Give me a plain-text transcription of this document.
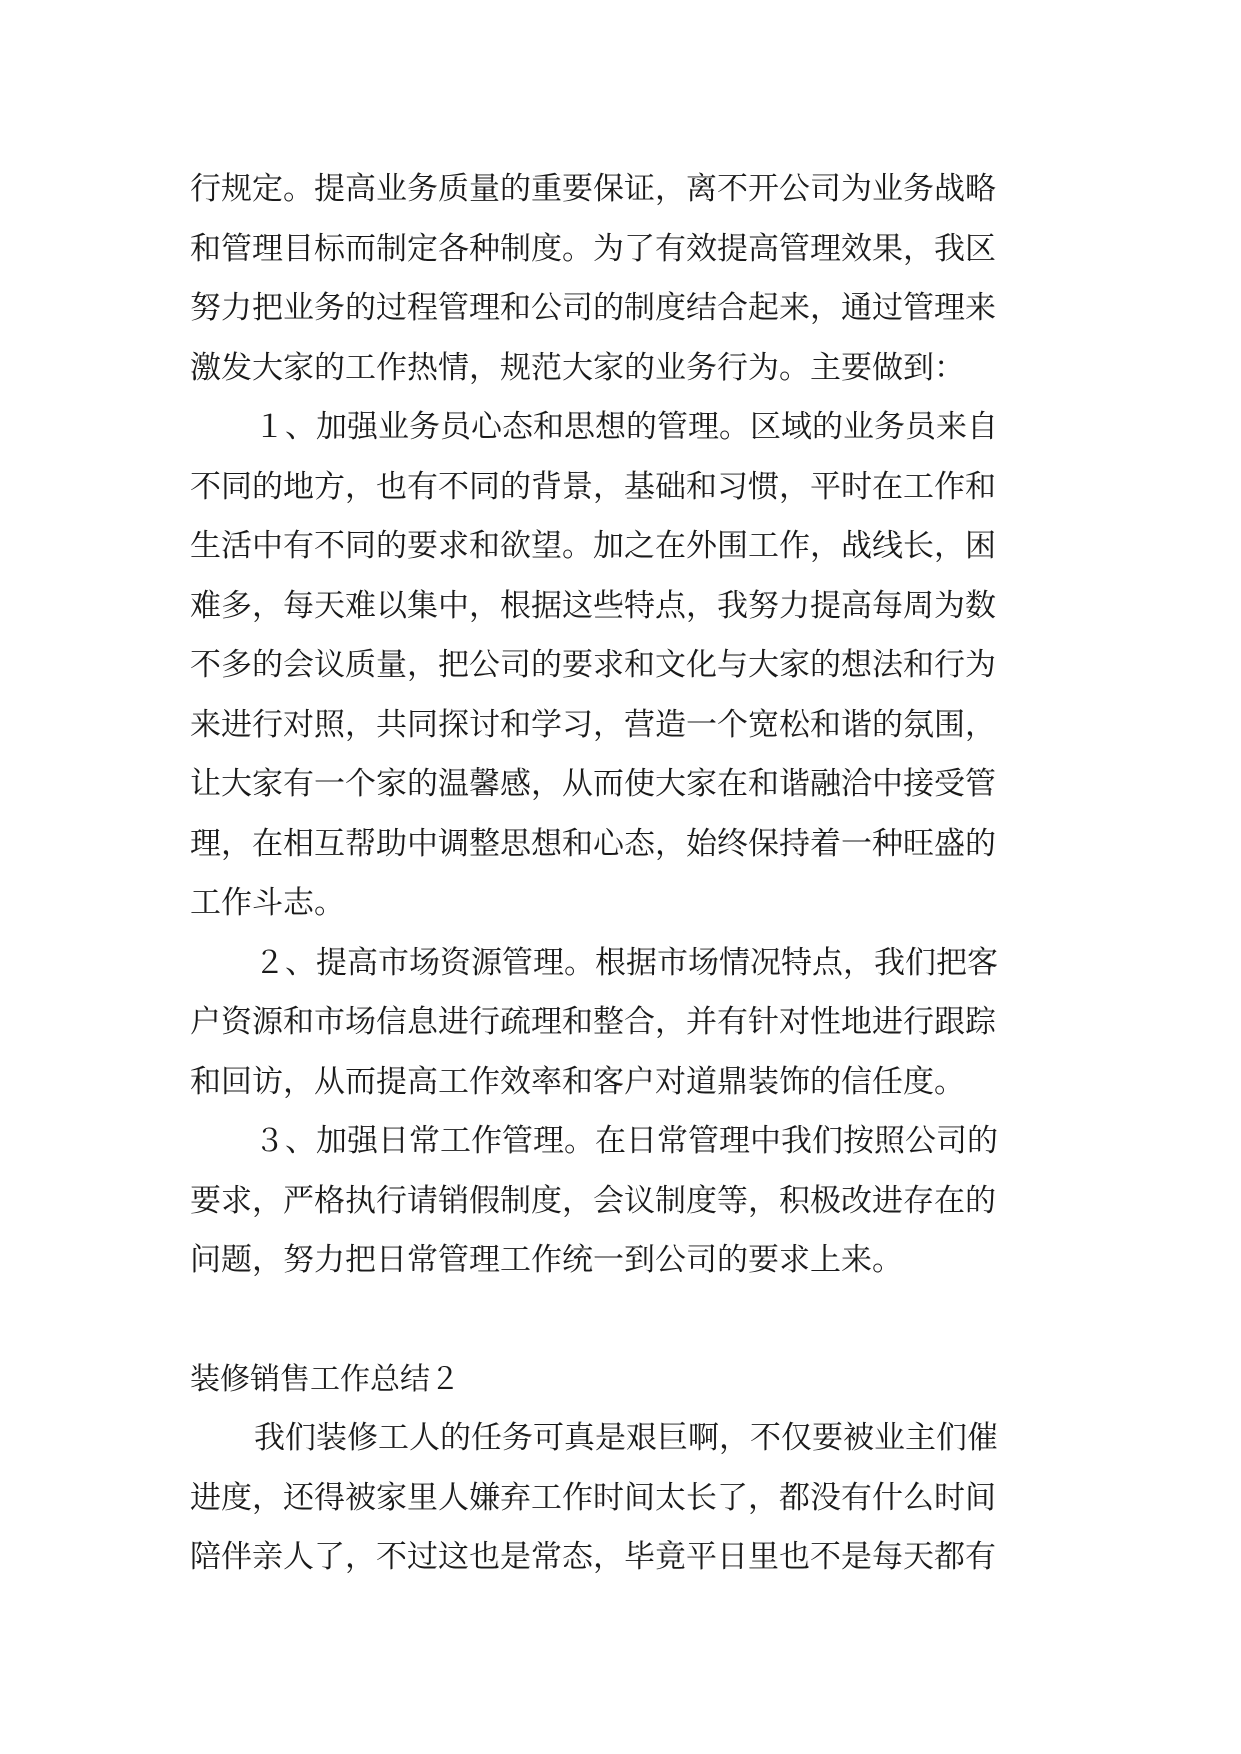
行规定。提高业务质量的重要保证，离不开公司为业务战略
和管理目标而制定各种制度。为了有效提高管理效果，我区
努力把业务的过程管理和公司的制度结合起来，通过管理来
激发大家的工作热情，规范大家的业务行为。主要做到：

１、加强业务员心态和思想的管理。区域的业务员来自
不同的地方，也有不同的背景，基础和习惯，平时在工作和
生活中有不同的要求和欲望。加之在外围工作，战线长，困
难多，每天难以集中，根据这些特点，我努力提高每周为数
不多的会议质量，把公司的要求和文化与大家的想法和行为
来进行对照，共同探讨和学习，营造一个宽松和谐的氛围，
让大家有一个家的温馨感，从而使大家在和谐融洽中接受管
理，在相互帮助中调整思想和心态，始终保持着一种旺盛的
工作斗志。

２、提高市场资源管理。根据市场情况特点，我们把客
户资源和市场信息进行疏理和整合，并有针对性地进行跟踪
和回访，从而提高工作效率和客户对道鼎装饰的信任度。

３、加强日常工作管理。在日常管理中我们按照公司的
要求，严格执行请销假制度，会议制度等，积极改进存在的
问题，努力把日常管理工作统一到公司的要求上来。

装修销售工作总结２

我们装修工人的任务可真是艰巨啊，不仅要被业主们催
进度，还得被家里人嫌弃工作时间太长了，都没有什么时间
陪伴亲人了，不过这也是常态，毕竟平日里也不是每天都有
